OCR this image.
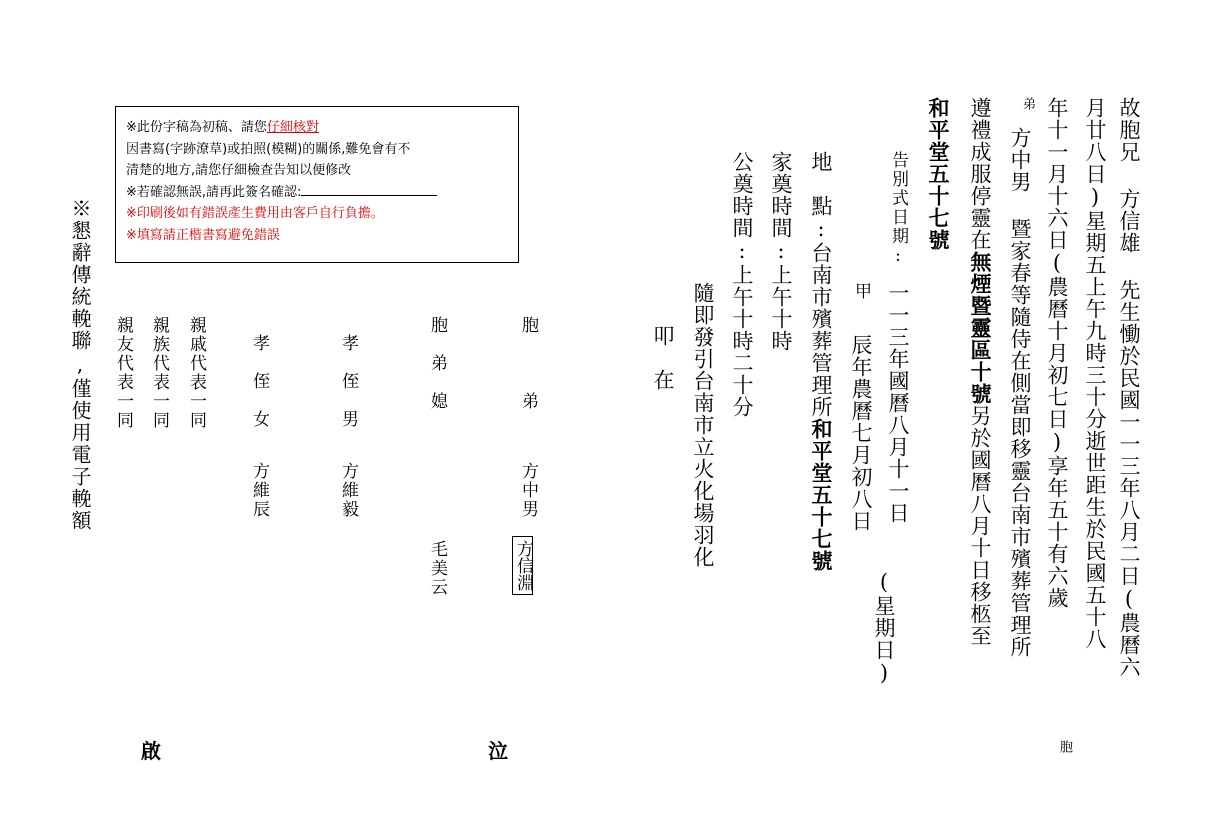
故胞兄 方信雄 先生慟於民國一一三年八月二日(農曆六
月廿八日)星期五上午九時三十分逝世距生於民國五十八
年十一月十六日(農曆十月初七日)享年五十有六歲
胞
弟
方中男 暨家春等隨侍在側當即移靈台南市殯葬管理所
遵禮成服停靈在無煙暨靈區十號另於國曆八月十日移柩至
和平堂五十七號
告別式日期:
一一三年國曆八月十一日
(星期日)
甲
辰年農曆七月初八日
地　點:台南市殯葬管理所和平堂五十七號
家奠時間:上午十時
公奠時間:上午十時二十分
隨即發引台南市立火化場羽化
叩　在
胞　　　弟

方中男
方信淵
胞　弟　媳
毛美云
孝　侄　男
方維毅
孝　侄　女
方維辰
親戚代表一同
親族代表一同
親友代表一同
※懇辭傳統輓聯,僅使用電子輓額

※此份字稿為初稿、請您仔細核對

因書寫(字跡潦草)或拍照(模糊)的關係,難免會有不

清楚的地方,請您仔細檢查告知以便修改

※若確認無誤,請再此簽名確認:

※印刷後如有錯誤產生費用由客戶自行負擔。

※填寫請正楷書寫避免錯誤

泣
啟
